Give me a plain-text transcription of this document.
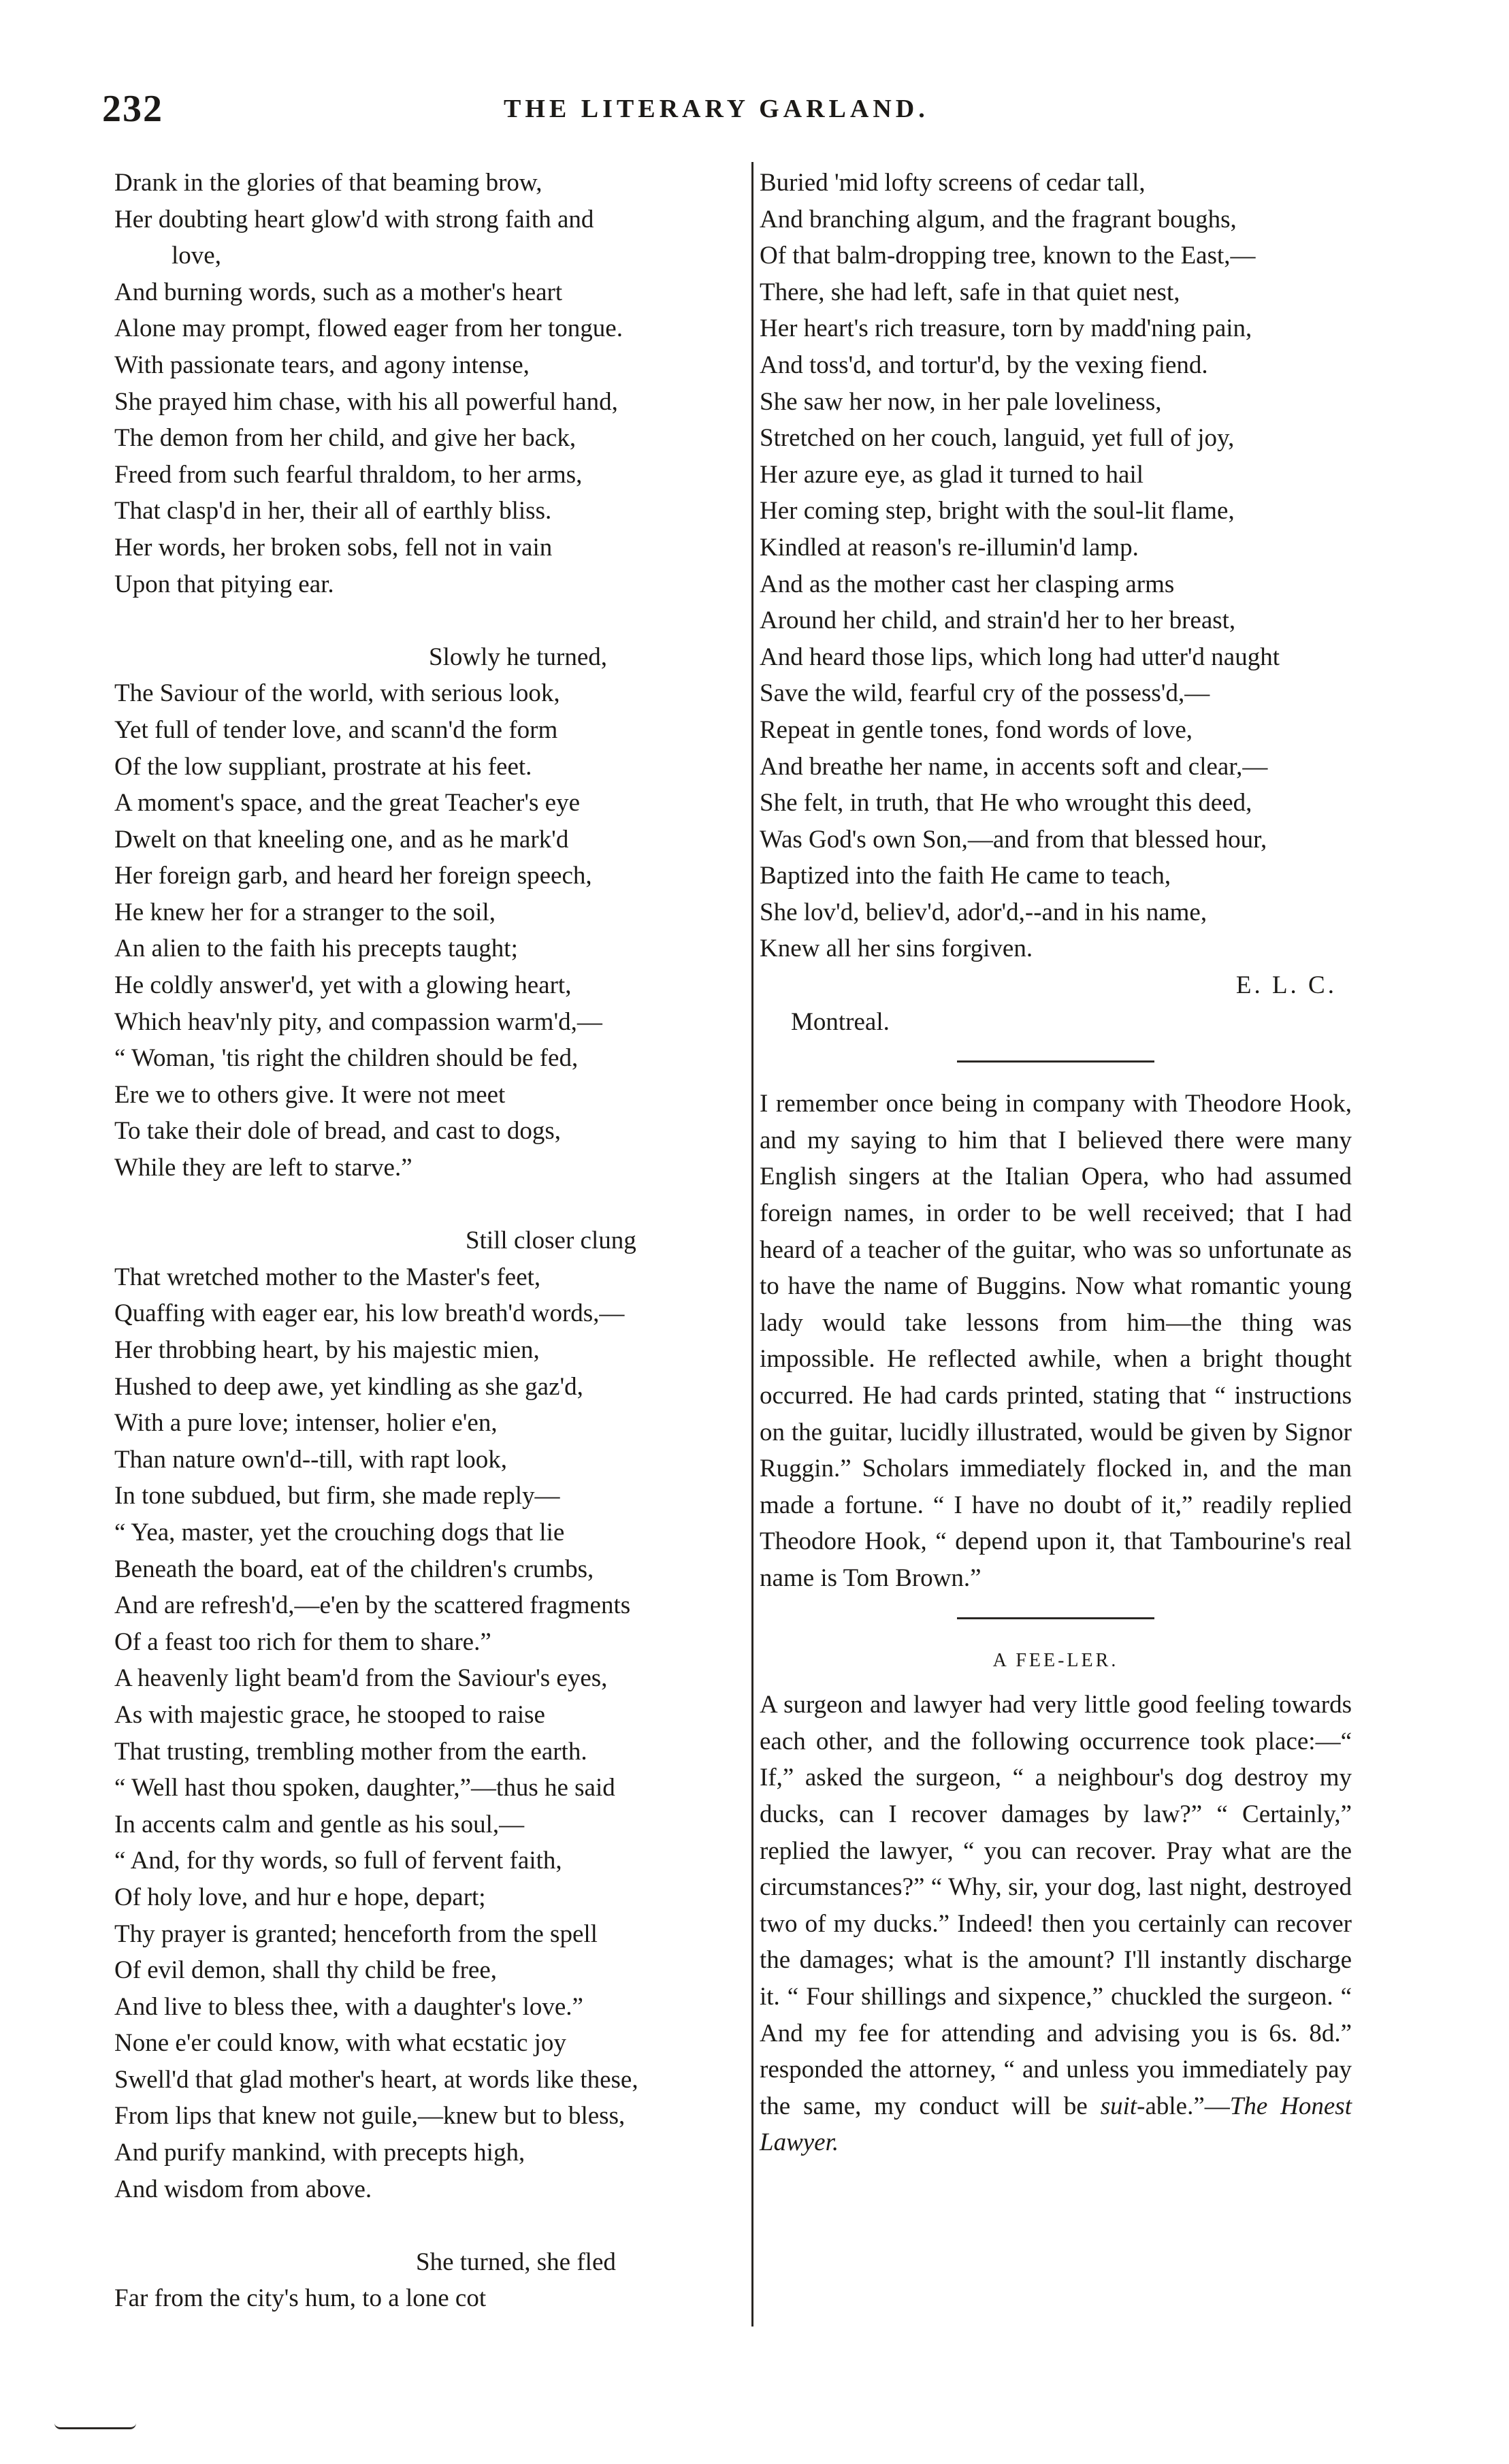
232	THE LITERARY GARLAND.
Drank in the glories of that beaming brow,
Her doubting heart glow'd with strong faith and
love,
And burning words, such as a mother's heart
Alone may prompt, flowed eager from her tongue.
With passionate tears, and agony intense,
She prayed him chase, with his all powerful hand,
The demon from her child, and give her back,
Freed from such fearful thraldom, to her arms,
That clasp'd in her, their all of earthly bliss.
Her words, her broken sobs, fell not in vain
Upon that pitying ear.
Slowly he turned,
The Saviour of the world, with serious look,
Yet full of tender love, and scann'd the form
Of the low suppliant, prostrate at his feet.
A moment's space, and the great Teacher's eye
Dwelt on that kneeling one, and as he mark'd
Her foreign garb, and heard her foreign speech,
He knew her for a stranger to the soil,
An alien to the faith his precepts taught;
He coldly answer'd, yet with a glowing heart,
Which heav'nly pity, and compassion warm'd,—
“ Woman, 'tis right the children should be fed,
Ere we to others give. It were not meet
To take their dole of bread, and cast to dogs,
While they are left to starve.”
Still closer clung
That wretched mother to the Master's feet,
Quaffing with eager ear, his low breath'd words,—
Her throbbing heart, by his majestic mien,
Hushed to deep awe, yet kindling as she gaz'd,
With a pure love; intenser, holier e'en,
Than nature own'd--till, with rapt look,
In tone subdued, but firm, she made reply—
“ Yea, master, yet the crouching dogs that lie
Beneath the board, eat of the children's crumbs,
And are refresh'd,—e'en by the scattered fragments
Of a feast too rich for them to share.”
A heavenly light beam'd from the Saviour's eyes,
As with majestic grace, he stooped to raise
That trusting, trembling mother from the earth.
“ Well hast thou spoken, daughter,”—thus he said
In accents calm and gentle as his soul,—
“ And, for thy words, so full of fervent faith,
Of holy love, and hur e hope, depart;
Thy prayer is granted; henceforth from the spell
Of evil demon, shall thy child be free,
And live to bless thee, with a daughter's love.”
None e'er could know, with what ecstatic joy
Swell'd that glad mother's heart, at words like these,
From lips that knew not guile,—knew but to bless,
And purify mankind, with precepts high,
And wisdom from above.
She turned, she fled
Far from the city's hum, to a lone cot
Buried 'mid lofty screens of cedar tall,
And branching algum, and the fragrant boughs,
Of that balm-dropping tree, known to the East,—
There, she had left, safe in that quiet nest,
Her heart's rich treasure, torn by madd'ning pain,
And toss'd, and tortur'd, by the vexing fiend.
She saw her now, in her pale loveliness,
Stretched on her couch, languid, yet full of joy,
Her azure eye, as glad it turned to hail
Her coming step, bright with the soul-lit flame,
Kindled at reason's re-illumin'd lamp.
And as the mother cast her clasping arms
Around her child, and strain'd her to her breast,
And heard those lips, which long had utter'd naught
Save the wild, fearful cry of the possess'd,—
Repeat in gentle tones, fond words of love,
And breathe her name, in accents soft and clear,—
She felt, in truth, that He who wrought this deed,
Was God's own Son,—and from that blessed hour,
Baptized into the faith He came to teach,
She lov'd, believ'd, ador'd,--and in his name,
Knew all her sins forgiven.
E. L. C.
Montreal.

I remember once being in company with Theodore Hook, and my saying to him that I believed there were many English singers at the Italian Opera, who had assumed foreign names, in order to be well received; that I had heard of a teacher of the guitar, who was so unfortunate as to have the name of Buggins. Now what romantic young lady would take lessons from him—the thing was impossible. He reflected awhile, when a bright thought occurred. He had cards printed, stating that “ instructions on the guitar, lucidly illustrated, would be given by Signor Ruggin.” Scholars immediately flocked in, and the man made a fortune. “ I have no doubt of it,” readily replied Theodore Hook, “ depend upon it, that Tambourine's real name is Tom Brown.”

A FEE-LER.

A surgeon and lawyer had very little good feeling towards each other, and the following occurrence took place:—“ If,” asked the surgeon, “ a neighbour's dog destroy my ducks, can I recover damages by law?” “ Certainly,” replied the lawyer, “ you can recover. Pray what are the circumstances?” “ Why, sir, your dog, last night, destroyed two of my ducks.” Indeed! then you certainly can recover the damages; what is the amount? I'll instantly discharge it. “ Four shillings and sixpence,” chuckled the surgeon. “ And my fee for attending and advising you is 6s. 8d.” responded the attorney, “ and unless you immediately pay the same, my conduct will be suit-able.”—The Honest Lawyer.
